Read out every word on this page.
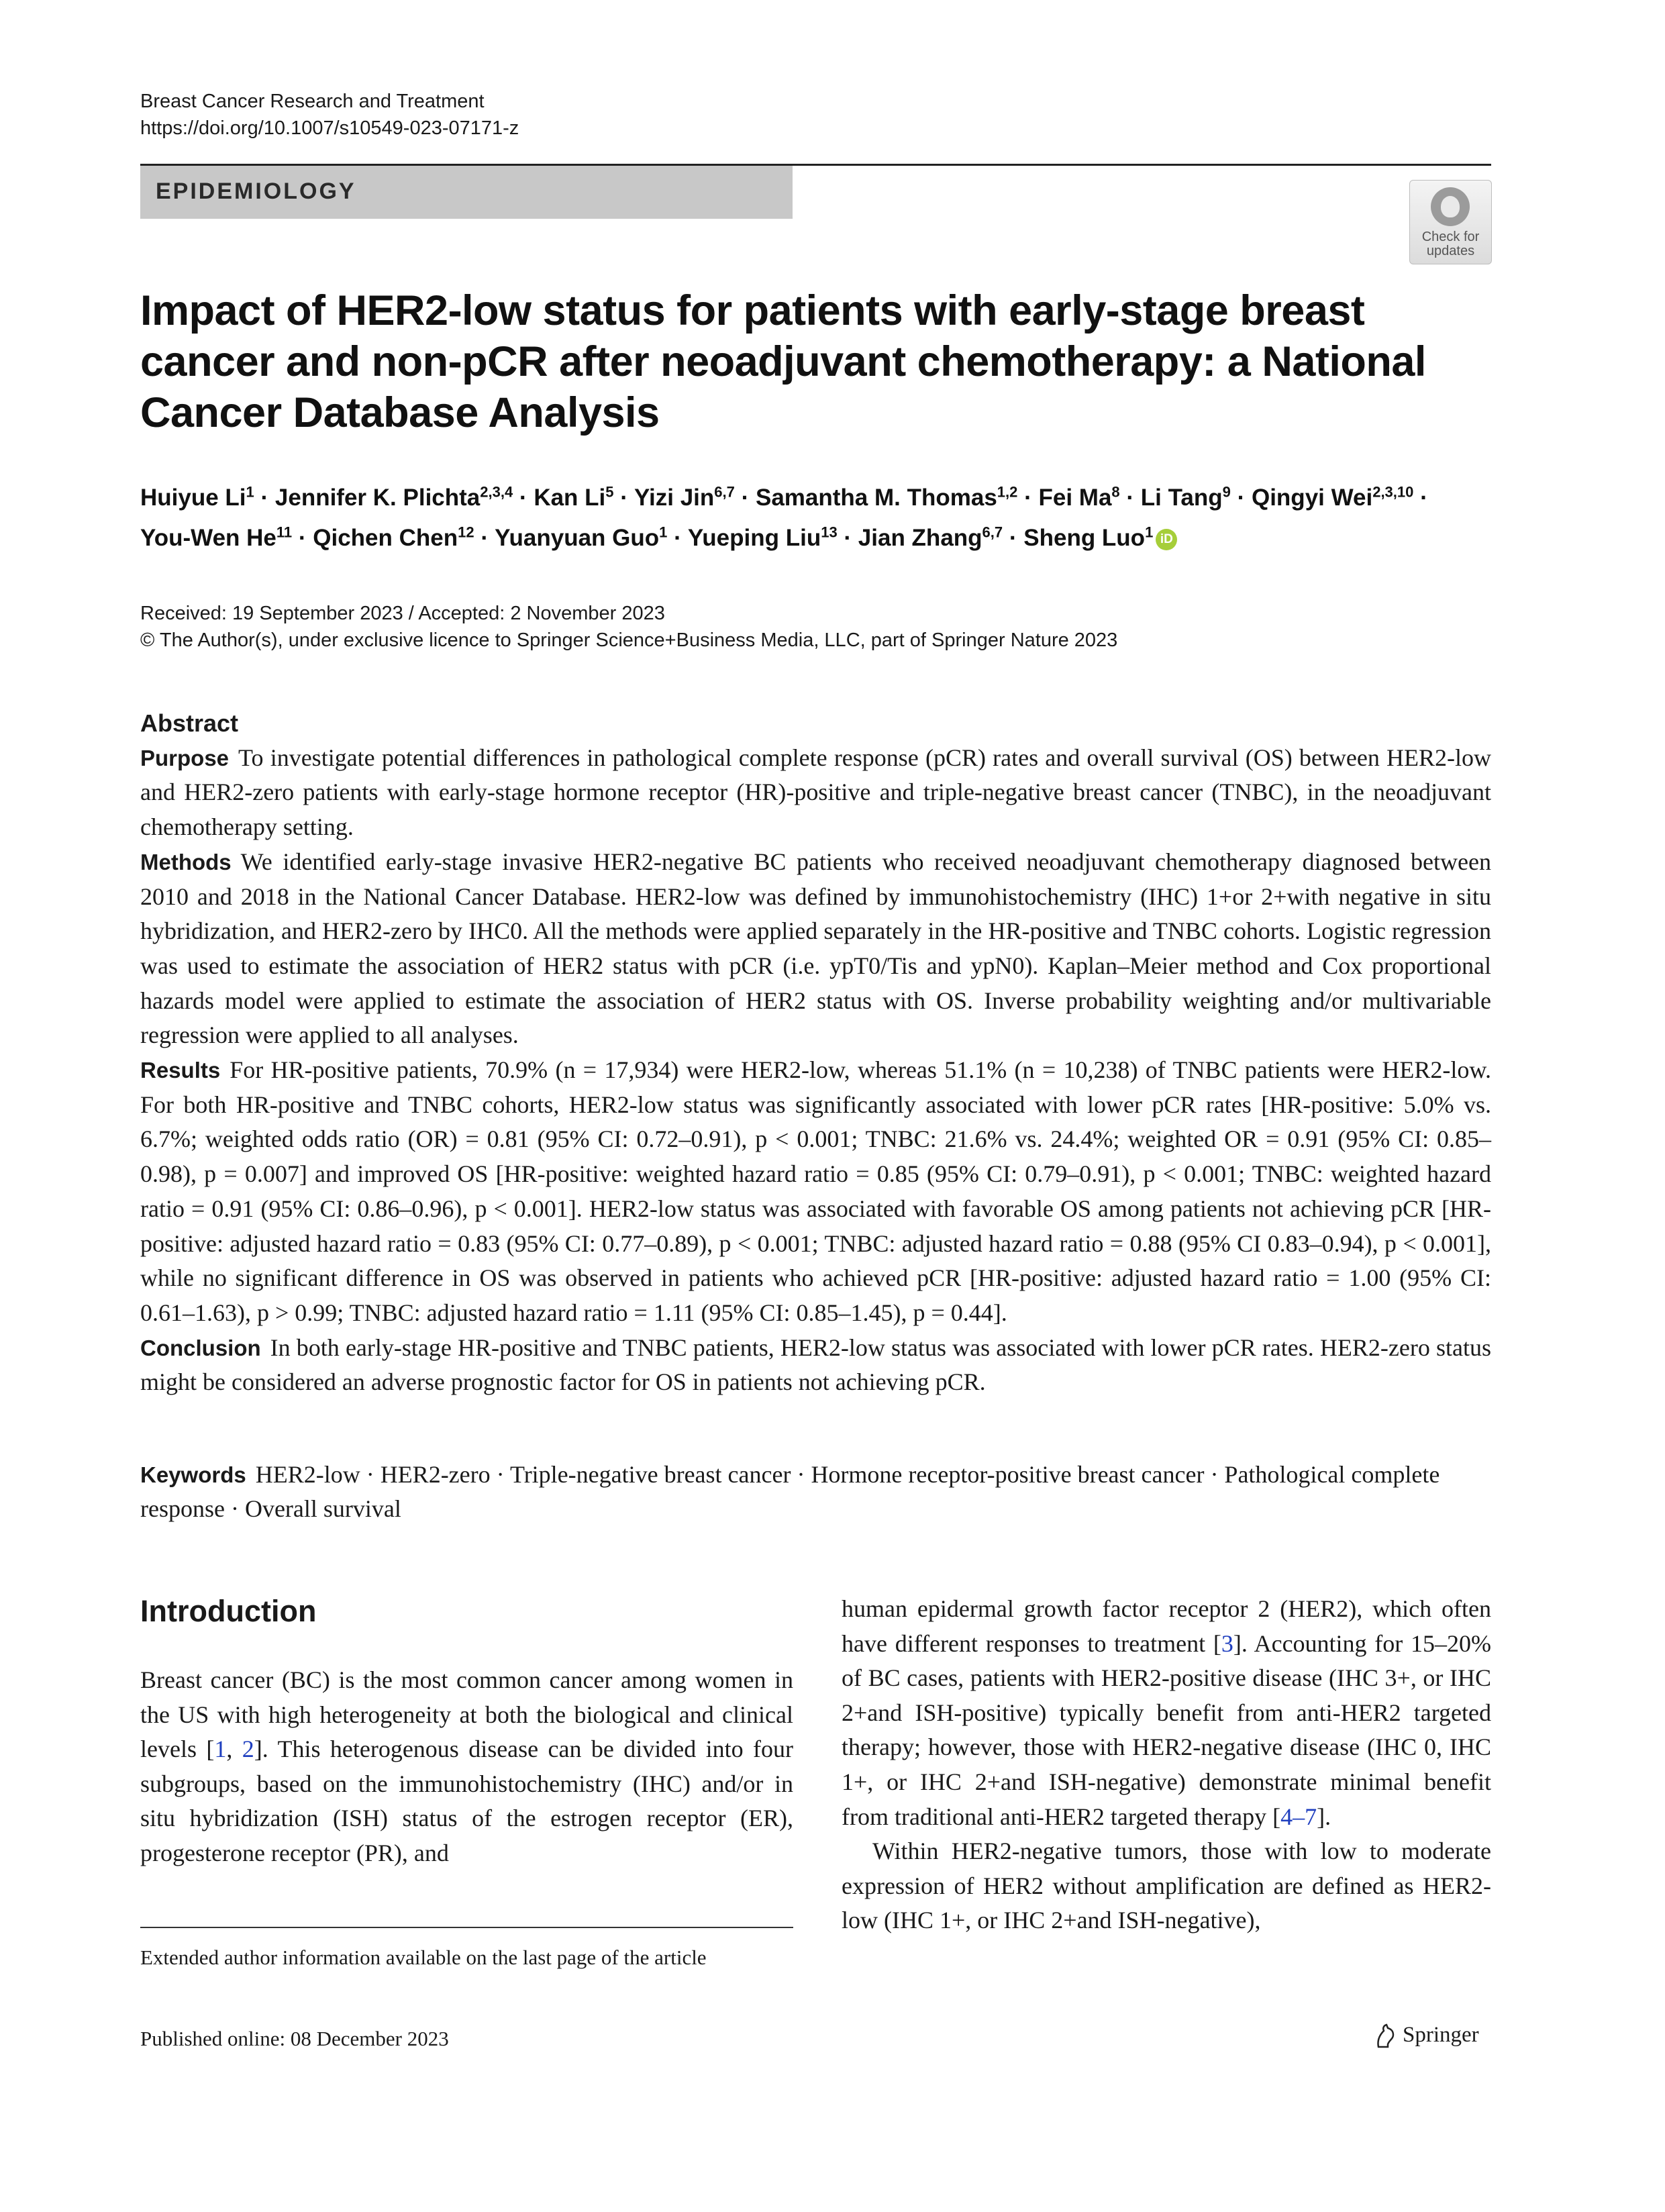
Breast Cancer Research and Treatment
https://doi.org/10.1007/s10549-023-07171-z
EPIDEMIOLOGY
Check for
updates
Impact of HER2-low status for patients with early-stage breast cancer and non-pCR after neoadjuvant chemotherapy: a National Cancer Database Analysis
Huiyue $Li^1$ · Jennifer K. Plichta$^{2,3,4}$ · Kan $Li^5$ · Yizi Jin$^{6,7}$ · Samantha M. Thomas$^{1,2}$ · Fei $Ma^8 \cdot Li$ Tang$^9$ · Qingyi Wei$^{2,3,10}$ ·
You-Wen $He^{11}$ · Qichen Chen$^{12}$ · Yuanyuan Guo$^1$ · Yueping Liu$^{13}$ · Jian Zhang$^{6,7}$ · Sheng Luo$^1$ iD
Received: 19 September 2023 / Accepted: 2 November 2023
© The Author(s), under exclusive licence to Springer Science+Business Media, LLC, part of Springer Nature 2023
Abstract

Purpose To investigate potential differences in pathological complete response (pCR) rates and overall survival (OS) between HER2-low and HER2-zero patients with early-stage hormone receptor (HR)-positive and triple-negative breast cancer (TNBC), in the neoadjuvant chemotherapy setting.

Methods We identified early-stage invasive HER2-negative BC patients who received neoadjuvant chemotherapy diagnosed between 2010 and 2018 in the National Cancer Database. HER2-low was defined by immunohistochemistry (IHC) 1+or 2+with negative in situ hybridization, and HER2-zero by IHC0. All the methods were applied separately in the HR-positive and TNBC cohorts. Logistic regression was used to estimate the association of HER2 status with pCR (i.e. ypT0/Tis and ypN0). Kaplan–Meier method and Cox proportional hazards model were applied to estimate the association of HER2 status with OS. Inverse probability weighting and/or multivariable regression were applied to all analyses.

Results For HR-positive patients, 70.9% (n = 17,934) were HER2-low, whereas 51.1% (n = 10,238) of TNBC patients were HER2-low. For both HR-positive and TNBC cohorts, HER2-low status was significantly associated with lower pCR rates [HR-positive: 5.0% vs. 6.7%; weighted odds ratio (OR) = 0.81 (95% CI: 0.72–0.91), p < 0.001; TNBC: 21.6% vs. 24.4%; weighted OR = 0.91 (95% CI: 0.85–0.98), p = 0.007] and improved OS [HR-positive: weighted hazard ratio = 0.85 (95% CI: 0.79–0.91), p < 0.001; TNBC: weighted hazard ratio = 0.91 (95% CI: 0.86–0.96), p < 0.001]. HER2-low status was associated with favorable OS among patients not achieving pCR [HR-positive: adjusted hazard ratio = 0.83 (95% CI: 0.77–0.89), p < 0.001; TNBC: adjusted hazard ratio = 0.88 (95% CI 0.83–0.94), p < 0.001], while no significant difference in OS was observed in patients who achieved pCR [HR-positive: adjusted hazard ratio = 1.00 (95% CI: 0.61–1.63), p > 0.99; TNBC: adjusted hazard ratio = 1.11 (95% CI: 0.85–1.45), p = 0.44].

Conclusion In both early-stage HR-positive and TNBC patients, HER2-low status was associated with lower pCR rates. HER2-zero status might be considered an adverse prognostic factor for OS in patients not achieving pCR.

Keywords HER2-low · HER2-zero · Triple-negative breast cancer · Hormone receptor-positive breast cancer · Pathological complete response · Overall survival
Introduction

Breast cancer (BC) is the most common cancer among women in the US with high heterogeneity at both the biological and clinical levels [1, 2]. This heterogenous disease can be divided into four subgroups, based on the immunohistochemistry (IHC) and/or in situ hybridization (ISH) status of the estrogen receptor (ER), progesterone receptor (PR), and

human epidermal growth factor receptor 2 (HER2), which often have different responses to treatment [3]. Accounting for 15–20% of BC cases, patients with HER2-positive disease (IHC 3+, or IHC 2+and ISH-positive) typically benefit from anti-HER2 targeted therapy; however, those with HER2-negative disease (IHC 0, IHC 1+, or IHC 2+and ISH-negative) demonstrate minimal benefit from traditional anti-HER2 targeted therapy [4–7].

Within HER2-negative tumors, those with low to moderate expression of HER2 without amplification are defined as HER2-low (IHC 1+, or IHC 2+and ISH-negative),

Extended author information available on the last page of the article
Published online: 08 December 2023	Springer
